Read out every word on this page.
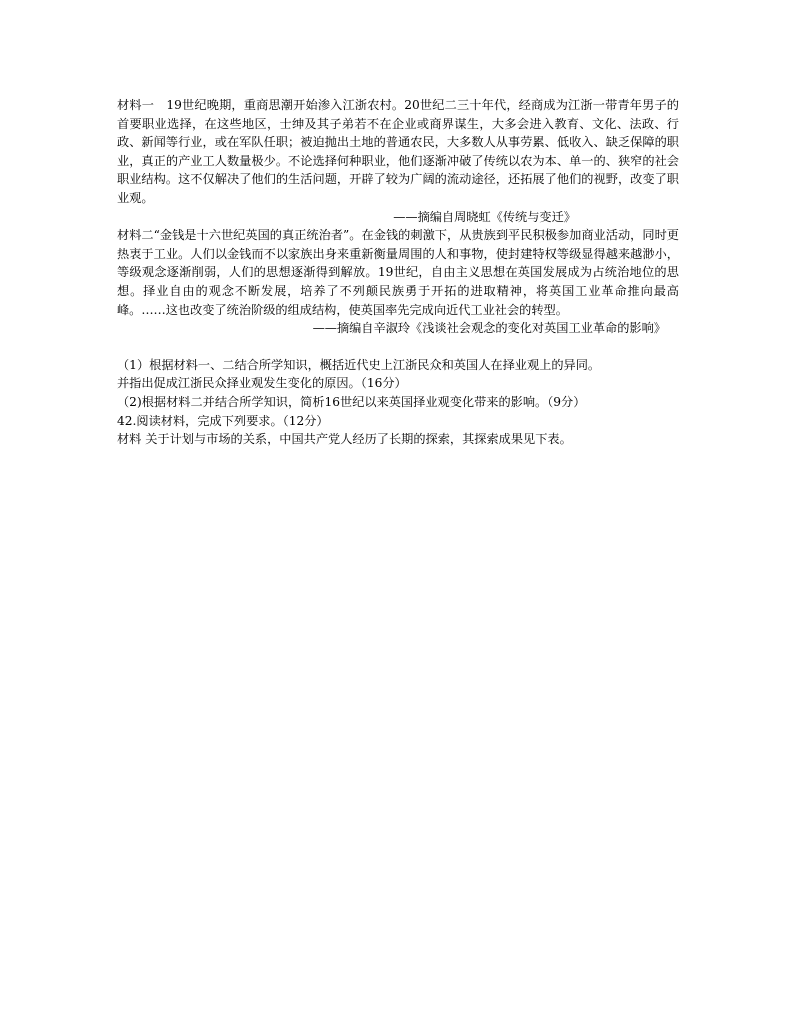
材料一　19世纪晚期，重商思潮开始渗入江浙农村。20世纪二三十年代，经商成为江浙一带青年男子的首要职业选择，在这些地区，士绅及其子弟若不在企业或商界谋生，大多会进入教育、文化、法政、行政、新闻等行业，或在军队任职；被迫抛出土地的普通农民，大多数人从事劳累、低收入、缺乏保障的职业，真正的产业工人数量极少。不论选择何种职业，他们逐渐冲破了传统以农为本、单一的、狭窄的社会职业结构。这不仅解决了他们的生活问题，开辟了较为广阔的流动途径，还拓展了他们的视野，改变了职业观。

——摘编自周晓虹《传统与变迁》

材料二“金钱是十六世纪英国的真正统治者”。在金钱的刺激下，从贵族到平民积极参加商业活动，同时更热衷于工业。人们以金钱而不以家族出身来重新衡量周围的人和事物，使封建特权等级显得越来越渺小，等级观念逐渐削弱，人们的思想逐渐得到解放。19世纪，自由主义思想在英国发展成为占统治地位的思想。择业自由的观念不断发展，培养了不列颠民族勇于开拓的进取精神，将英国工业革命推向最高峰。……这也改变了统治阶级的组成结构，使英国率先完成向近代工业社会的转型。

——摘编自辛淑玲《浅谈社会观念的变化对英国工业革命的影响》

（1）根据材料一、二结合所学知识，概括近代史上江浙民众和英国人在择业观上的异同。

并指出促成江浙民众择业观发生变化的原因。（16分）

（2)根据材料二并结合所学知识，简析16世纪以来英国择业观变化带来的影响。（9分）

42.阅读材料，完成下列要求。（12分）

材料 关于计划与市场的关系，中国共产党人经历了长期的探索，其探索成果见下表。
